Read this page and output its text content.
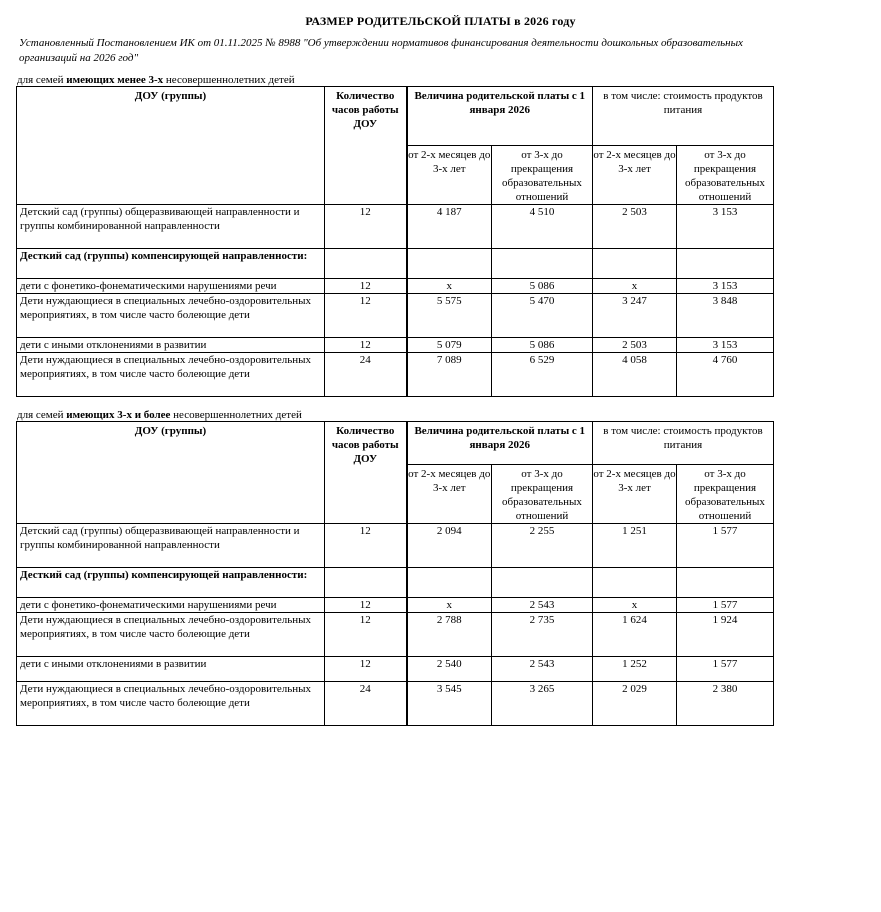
РАЗМЕР РОДИТЕЛЬСКОЙ ПЛАТЫ в 2026 году
Установленный Постановлением ИК от 01.11.2025 № 8988 "Об утверждении нормативов финансирования деятельности дошкольных образовательных организаций на 2026 год"
для семей имеющих менее 3-х несовершеннолетних детей
ДОУ (группы)	Количество часов работы ДОУ	Величина родительской платы с 1 января 2026		в том числе: стоимость продуктов питания	
		от 2-х месяцев до 3-х лет	от 3-х до прекращения образовательных отношений	от 2-х месяцев до 3-х лет	от 3-х до прекращения образовательных отношений
Детский сад (группы) общеразвивающей направленности и группы комбинированной направленности	12	4 187	4 510	2 503	3 153
Десткий сад (группы) компенсирующей направленности:					
дети с фонетико-фонематическими нарушениями речи	12	х	5 086	х	3 153
Дети нуждающиеся в специальных лечебно-оздоровительных мероприятиях, в том числе часто болеющие дети	12	5 575	5 470	3 247	3 848
дети с иными отклонениями в развитии	12	5 079	5 086	2 503	3 153
Дети нуждающиеся в специальных лечебно-оздоровительных мероприятиях, в том числе часто болеющие дети	24	7 089	6 529	4 058	4 760
для семей имеющих 3-х и более несовершеннолетних детей
ДОУ (группы)	Количество часов работы ДОУ	Величина родительской платы с 1 января 2026		в том числе: стоимость продуктов питания	
		от 2-х месяцев до 3-х лет	от 3-х до прекращения образовательных отношений	от 2-х месяцев до 3-х лет	от 3-х до прекращения образовательных отношений
Детский сад (группы) общеразвивающей направленности и группы комбинированной направленности	12	2 094	2 255	1 251	1 577
Десткий сад (группы) компенсирующей направленности:					
дети с фонетико-фонематическими нарушениями речи	12	х	2 543	х	1 577
Дети нуждающиеся в специальных лечебно-оздоровительных мероприятиях, в том числе часто болеющие дети	12	2 788	2 735	1 624	1 924
дети с иными отклонениями в развитии	12	2 540	2 543	1 252	1 577
Дети нуждающиеся в специальных лечебно-оздоровительных мероприятиях, в том числе часто болеющие дети	24	3 545	3 265	2 029	2 380
